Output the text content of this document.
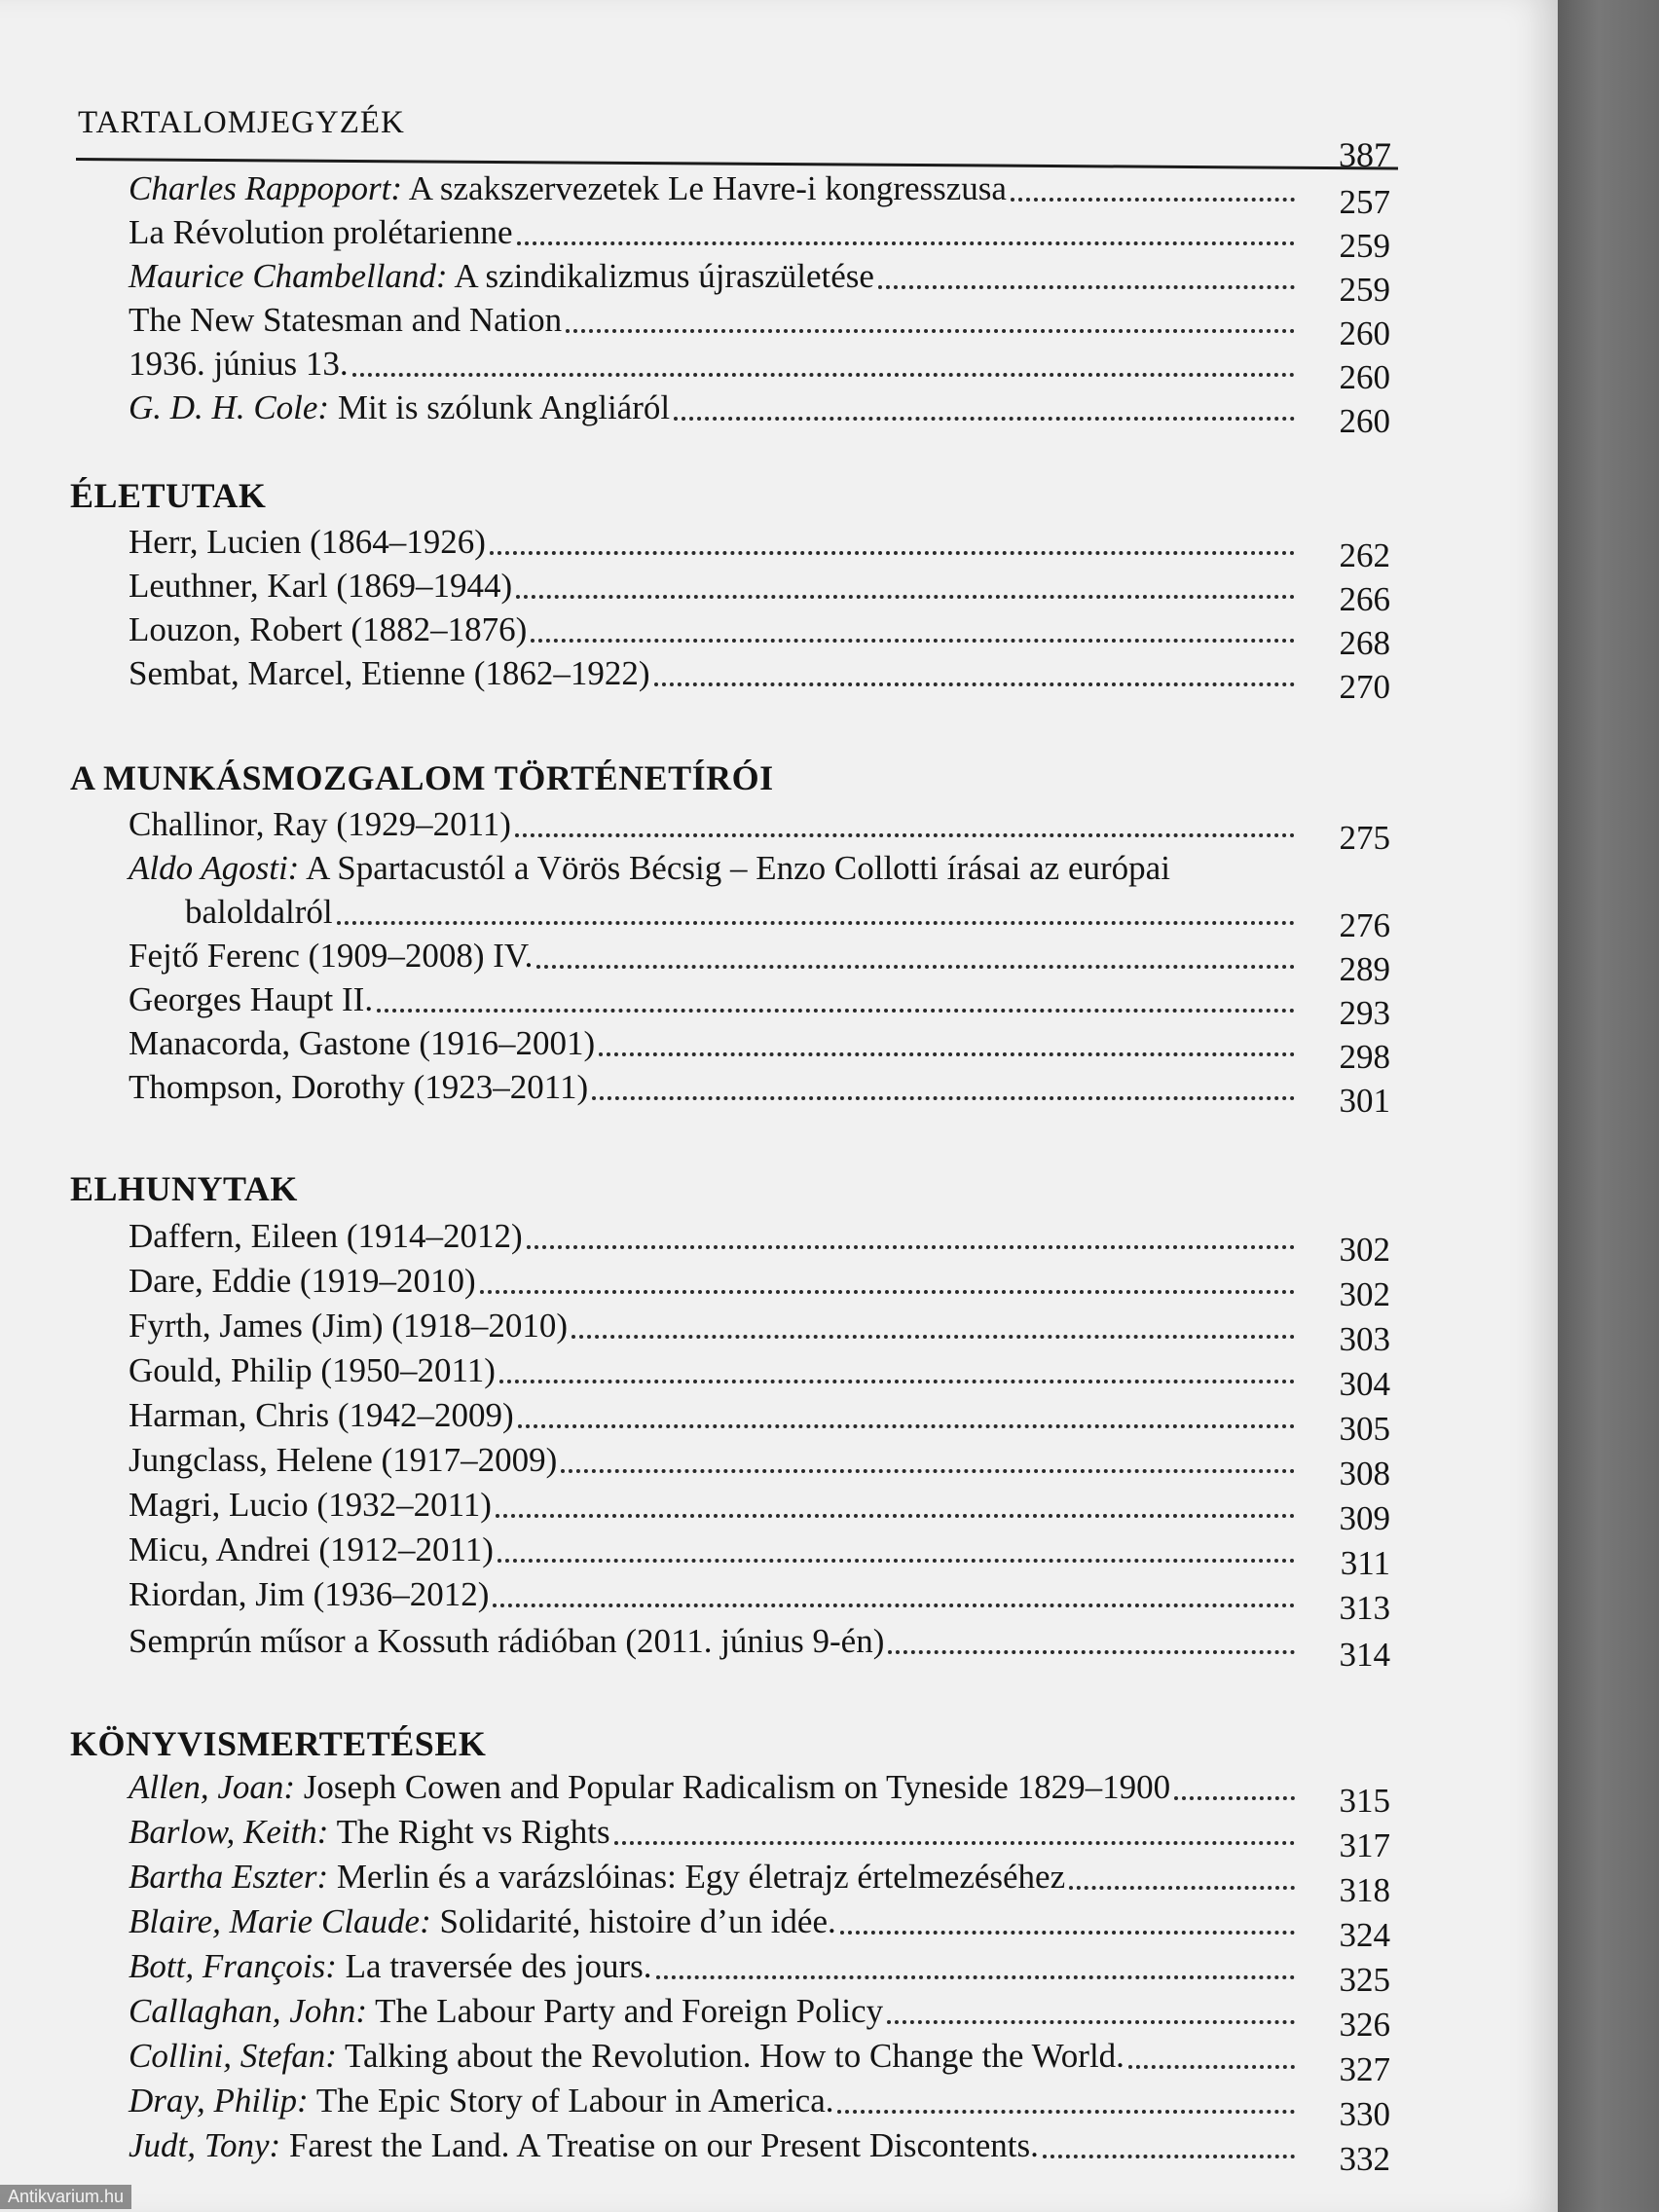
TARTALOMJEGYZÉK
387
Charles Rappoport: A szakszervezetek Le Havre-i kongresszusa	257
La Révolution prolétarienne	259
Maurice Chambelland: A szindikalizmus újraszületése	259
The New Statesman and Nation	260
1936. június 13.	260
G. D. H. Cole: Mit is szólunk Angliáról	260
ÉLETUTAK
Herr, Lucien (1864–1926)	262
Leuthner, Karl (1869–1944)	266
Louzon, Robert (1882–1876)	268
Sembat, Marcel, Etienne (1862–1922)	270
A MUNKÁSMOZGALOM TÖRTÉNETÍRÓI
Challinor, Ray (1929–2011)	275
Aldo Agosti: A Spartacustól a Vörös Bécsig – Enzo Collotti írásai az európai
baloldalról	276
Fejtő Ferenc (1909–2008) IV.	289
Georges Haupt II.	293
Manacorda, Gastone (1916–2001)	298
Thompson, Dorothy (1923–2011)	301
ELHUNYTAK
Daffern, Eileen (1914–2012)	302
Dare, Eddie (1919–2010)	302
Fyrth, James (Jim) (1918–2010)	303
Gould, Philip (1950–2011)	304
Harman, Chris (1942–2009)	305
Jungclass, Helene (1917–2009)	308
Magri, Lucio (1932–2011)	309
Micu, Andrei (1912–2011)	311
Riordan, Jim (1936–2012)	313
Semprún műsor a Kossuth rádióban (2011. június 9-én)	314
KÖNYVISMERTETÉSEK
Allen, Joan: Joseph Cowen and Popular Radicalism on Tyneside 1829–1900	315
Barlow, Keith: The Right vs Rights	317
Bartha Eszter: Merlin és a varázslóinas: Egy életrajz értelmezéséhez	318
Blaire, Marie Claude: Solidarité, histoire d’un idée.	324
Bott, François: La traversée des jours.	325
Callaghan, John: The Labour Party and Foreign Policy	326
Collini, Stefan: Talking about the Revolution. How to Change the World.	327
Dray, Philip: The Epic Story of Labour in America.	330
Judt, Tony: Farest the Land. A Treatise on our Present Discontents.	332
Antikvarium.hu
